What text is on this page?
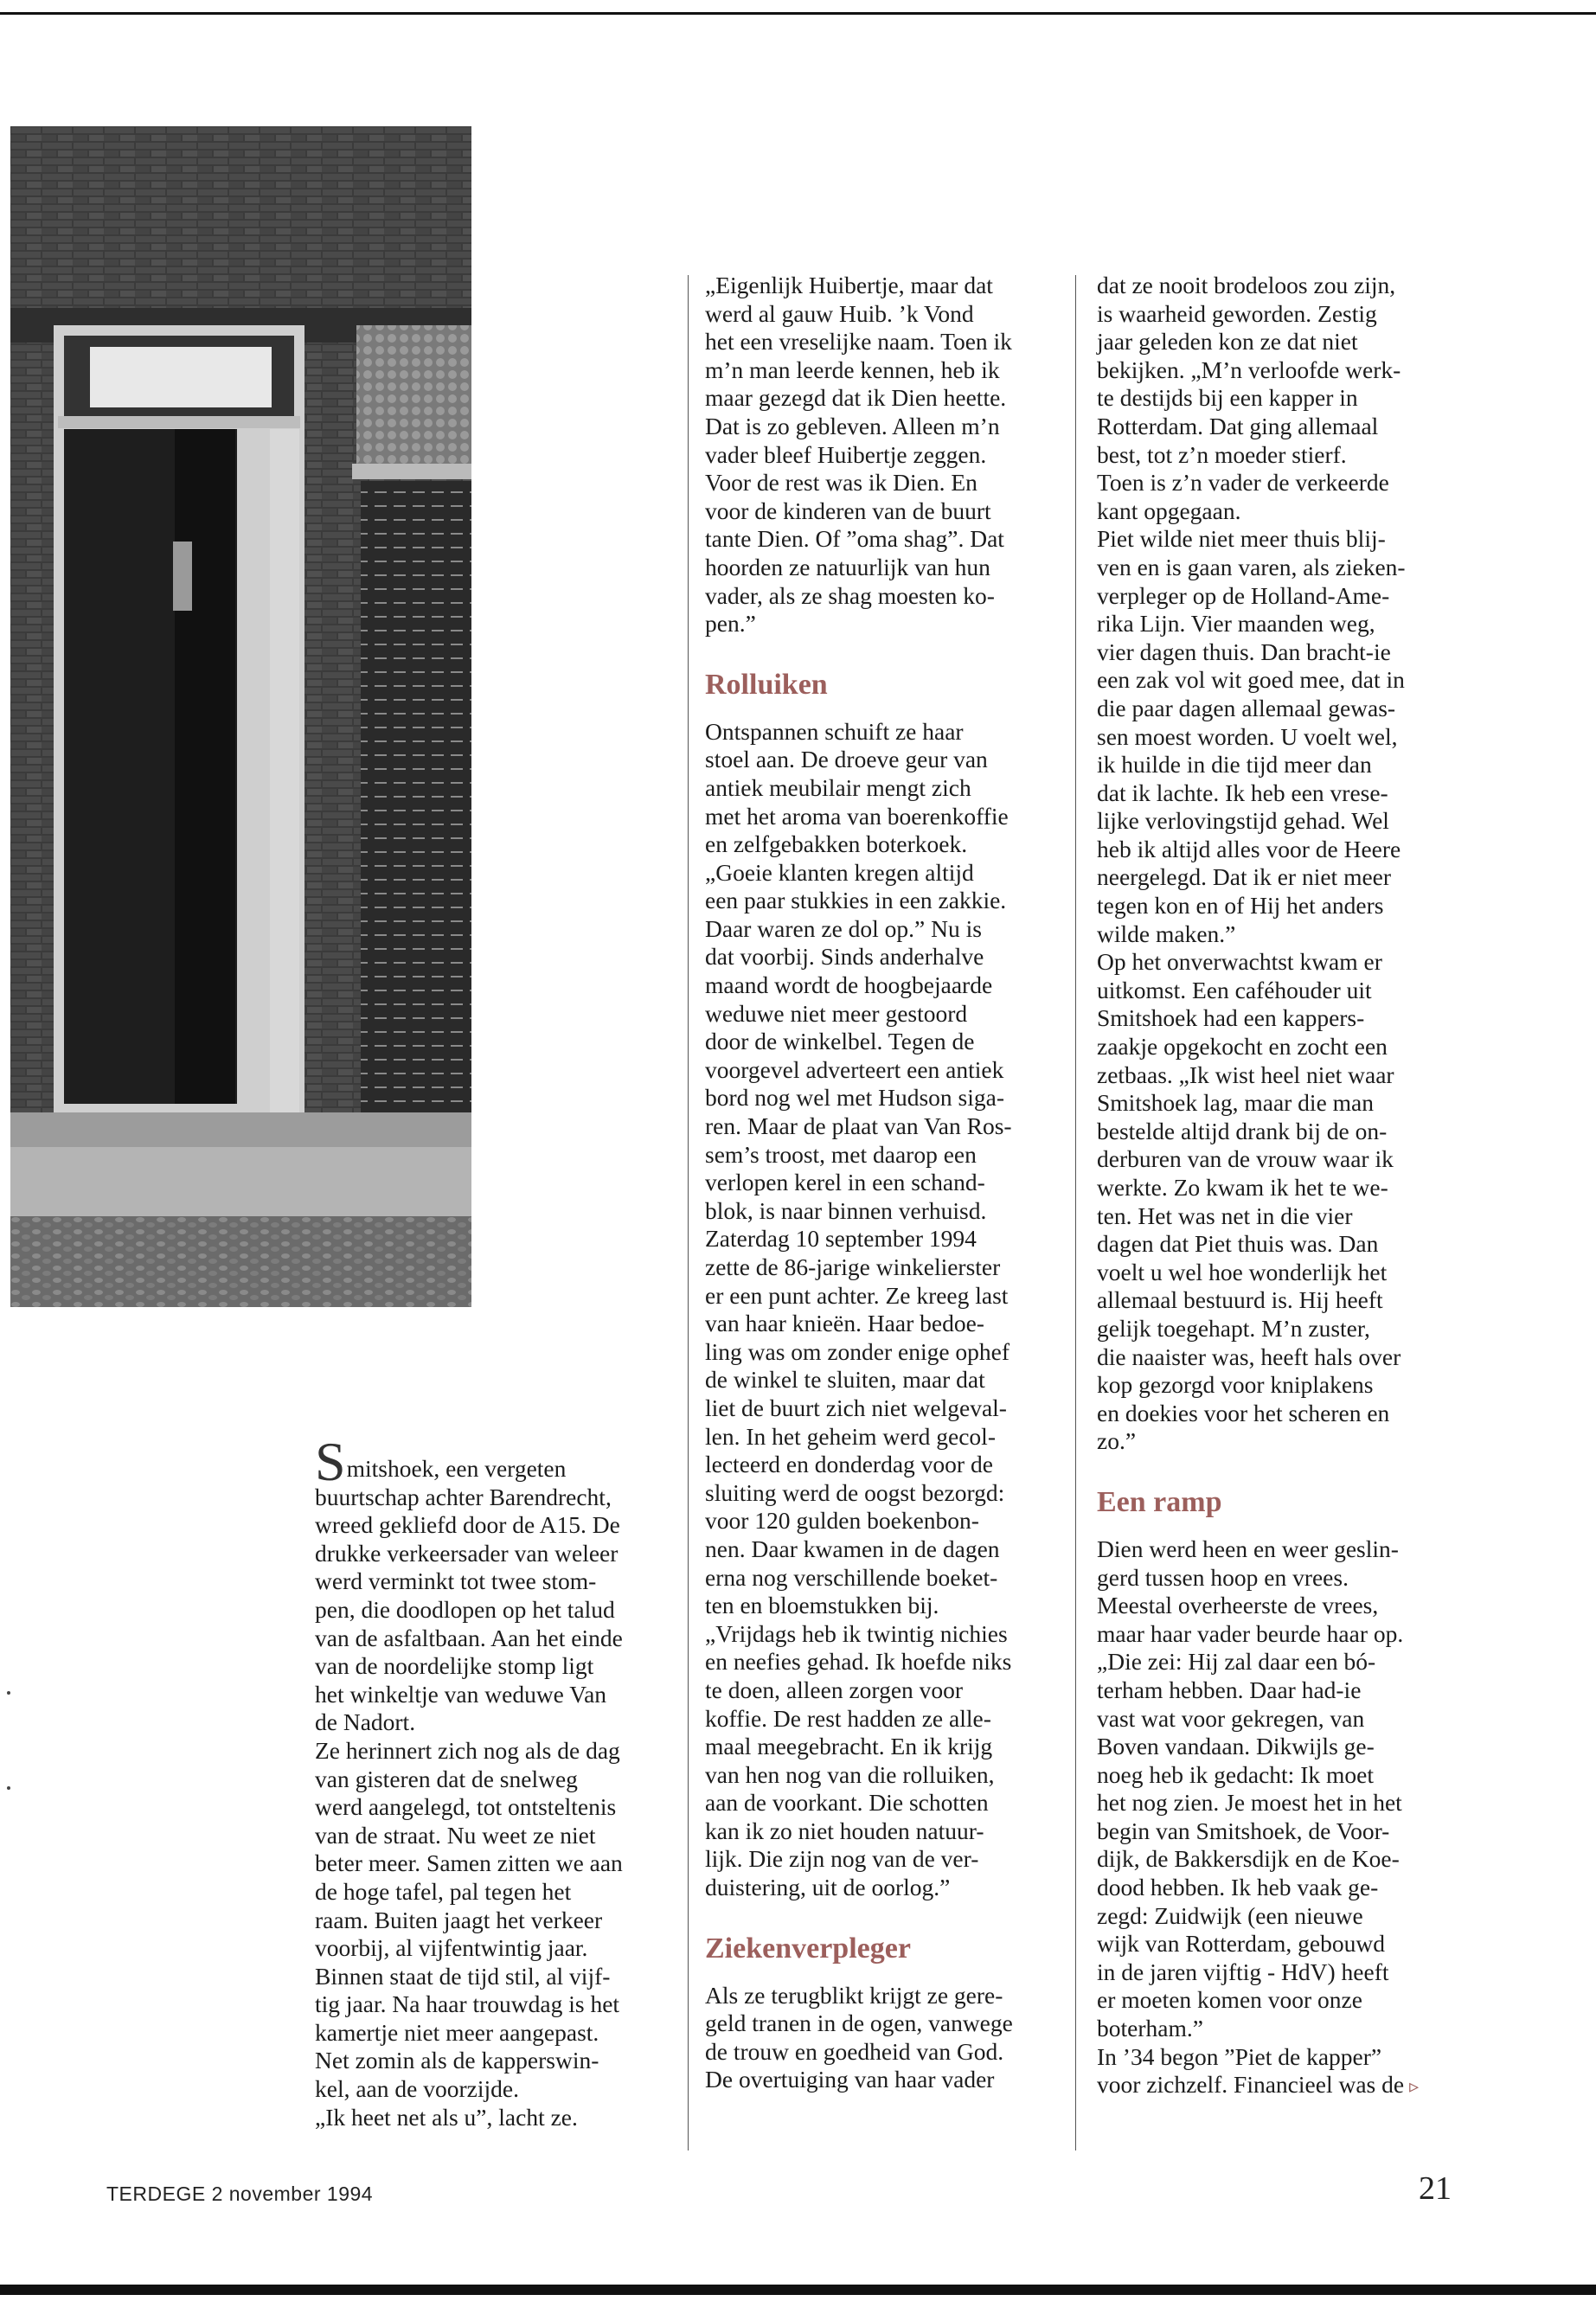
Smitshoek, een vergeten
buurtschap achter Barendrecht,
wreed gekliefd door de A15. De
drukke verkeersader van weleer
werd verminkt tot twee stom-
pen, die doodlopen op het talud
van de asfaltbaan. Aan het einde
van de noordelijke stomp ligt
het winkeltje van weduwe Van
de Nadort.
Ze herinnert zich nog als de dag
van gisteren dat de snelweg
werd aangelegd, tot ontsteltenis
van de straat. Nu weet ze niet
beter meer. Samen zitten we aan
de hoge tafel, pal tegen het
raam. Buiten jaagt het verkeer
voorbij, al vijfentwintig jaar.
Binnen staat de tijd stil, al vijf-
tig jaar. Na haar trouwdag is het
kamertje niet meer aangepast.
Net zomin als de kapperswin-
kel, aan de voorzijde.
„Ik heet net als u”, lacht ze.
„Eigenlijk Huibertje, maar dat
werd al gauw Huib. ’k Vond
het een vreselijke naam. Toen ik
m’n man leerde kennen, heb ik
maar gezegd dat ik Dien heette.
Dat is zo gebleven. Alleen m’n
vader bleef Huibertje zeggen.
Voor de rest was ik Dien. En
voor de kinderen van de buurt
tante Dien. Of ”oma shag”. Dat
hoorden ze natuurlijk van hun
vader, als ze shag moesten ko-
pen.”
Rolluiken
Ontspannen schuift ze haar
stoel aan. De droeve geur van
antiek meubilair mengt zich
met het aroma van boerenkoffie
en zelfgebakken boterkoek.
„Goeie klanten kregen altijd
een paar stukkies in een zakkie.
Daar waren ze dol op.” Nu is
dat voorbij. Sinds anderhalve
maand wordt de hoogbejaarde
weduwe niet meer gestoord
door de winkelbel. Tegen de
voorgevel adverteert een antiek
bord nog wel met Hudson siga-
ren. Maar de plaat van Van Ros-
sem’s troost, met daarop een
verlopen kerel in een schand-
blok, is naar binnen verhuisd.
Zaterdag 10 september 1994
zette de 86-jarige winkelierster
er een punt achter. Ze kreeg last
van haar knieën. Haar bedoe-
ling was om zonder enige ophef
de winkel te sluiten, maar dat
liet de buurt zich niet welgeval-
len. In het geheim werd gecol-
lecteerd en donderdag voor de
sluiting werd de oogst bezorgd:
voor 120 gulden boekenbon-
nen. Daar kwamen in de dagen
erna nog verschillende boeket-
ten en bloemstukken bij.
„Vrijdags heb ik twintig nichies
en neefies gehad. Ik hoefde niks
te doen, alleen zorgen voor
koffie. De rest hadden ze alle-
maal meegebracht. En ik krijg
van hen nog van die rolluiken,
aan de voorkant. Die schotten
kan ik zo niet houden natuur-
lijk. Die zijn nog van de ver-
duistering, uit de oorlog.”
Ziekenverpleger
Als ze terugblikt krijgt ze gere-
geld tranen in de ogen, vanwege
de trouw en goedheid van God.
De overtuiging van haar vader
dat ze nooit brodeloos zou zijn,
is waarheid geworden. Zestig
jaar geleden kon ze dat niet
bekijken. „M’n verloofde werk-
te destijds bij een kapper in
Rotterdam. Dat ging allemaal
best, tot z’n moeder stierf.
Toen is z’n vader de verkeerde
kant opgegaan.
Piet wilde niet meer thuis blij-
ven en is gaan varen, als zieken-
verpleger op de Holland-Ame-
rika Lijn. Vier maanden weg,
vier dagen thuis. Dan bracht-ie
een zak vol wit goed mee, dat in
die paar dagen allemaal gewas-
sen moest worden. U voelt wel,
ik huilde in die tijd meer dan
dat ik lachte. Ik heb een vrese-
lijke verlovingstijd gehad. Wel
heb ik altijd alles voor de Heere
neergelegd. Dat ik er niet meer
tegen kon en of Hij het anders
wilde maken.”
Op het onverwachtst kwam er
uitkomst. Een caféhouder uit
Smitshoek had een kappers-
zaakje opgekocht en zocht een
zetbaas. „Ik wist heel niet waar
Smitshoek lag, maar die man
bestelde altijd drank bij de on-
derburen van de vrouw waar ik
werkte. Zo kwam ik het te we-
ten. Het was net in die vier
dagen dat Piet thuis was. Dan
voelt u wel hoe wonderlijk het
allemaal bestuurd is. Hij heeft
gelijk toegehapt. M’n zuster,
die naaister was, heeft hals over
kop gezorgd voor kniplakens
en doekies voor het scheren en
zo.”
Een ramp
Dien werd heen en weer geslin-
gerd tussen hoop en vrees.
Meestal overheerste de vrees,
maar haar vader beurde haar op.
„Die zei: Hij zal daar een bó-
terham hebben. Daar had-ie
vast wat voor gekregen, van
Boven vandaan. Dikwijls ge-
noeg heb ik gedacht: Ik moet
het nog zien. Je moest het in het
begin van Smitshoek, de Voor-
dijk, de Bakkersdijk en de Koe-
dood hebben. Ik heb vaak ge-
zegd: Zuidwijk (een nieuwe
wijk van Rotterdam, gebouwd
in de jaren vijftig - HdV) heeft
er moeten komen voor onze
boterham.”
In ’34 begon ”Piet de kapper”
voor zichzelf. Financieel was de ▹
TERDEGE 2 november 1994	21
